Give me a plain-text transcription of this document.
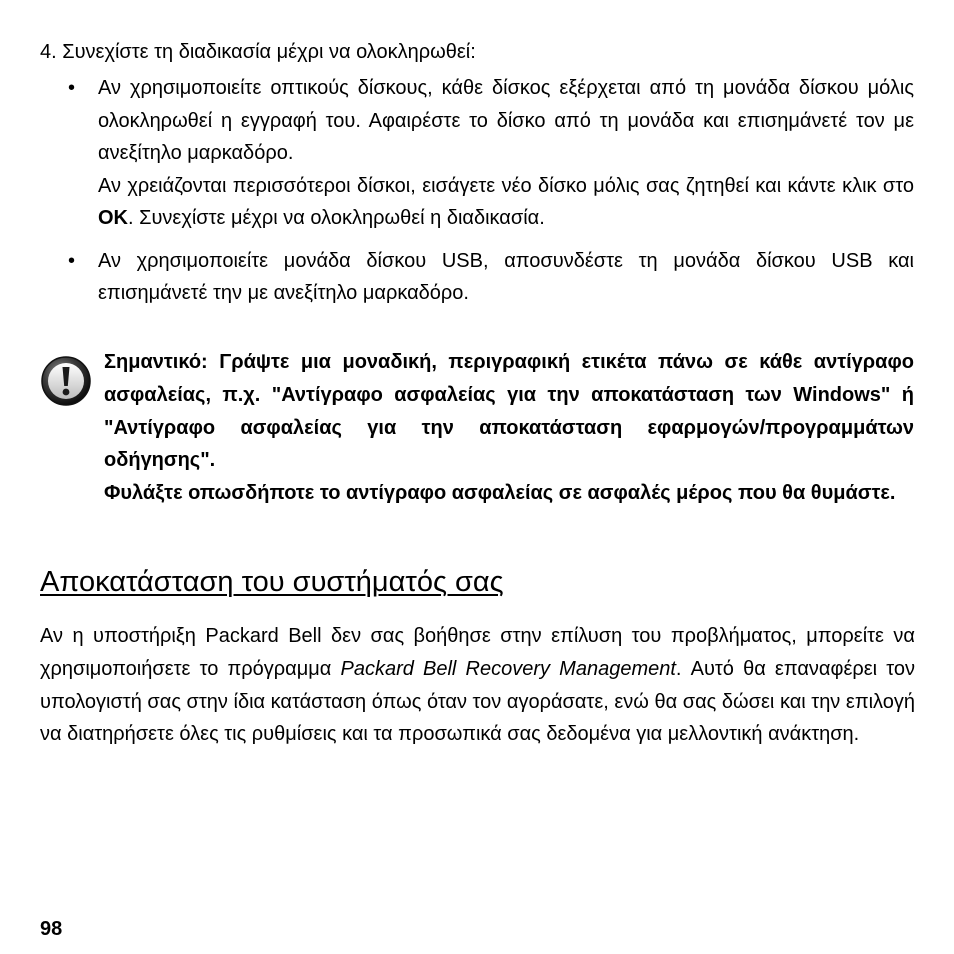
4. Συνεχίστε τη διαδικασία μέχρι να ολοκληρωθεί:
• Αν χρησιμοποιείτε οπτικούς δίσκους, κάθε δίσκος εξέρχεται από τη μονάδα δίσκου μόλις ολοκληρωθεί η εγγραφή του. Αφαιρέστε το δίσκο από τη μονάδα και επισημάνετέ τον με ανεξίτηλο μαρκαδόρο.

Αν χρειάζονται περισσότεροι δίσκοι, εισάγετε νέο δίσκο μόλις σας ζητηθεί και κάντε κλικ στο OK. Συνεχίστε μέχρι να ολοκληρωθεί η διαδικασία.

• Αν χρησιμοποιείτε μονάδα δίσκου USB, αποσυνδέστε τη μονάδα δίσκου USB και επισημάνετέ την με ανεξίτηλο μαρκαδόρο.

Σημαντικό: Γράψτε μια μοναδική, περιγραφική ετικέτα πάνω σε κάθε αντίγραφο ασφαλείας, π.χ. "Αντίγραφο ασφαλείας για την αποκατάσταση των Windows" ή "Αντίγραφο ασφαλείας για την αποκατάσταση εφαρμογών/προγραμμάτων οδήγησης".

Φυλάξτε οπωσδήποτε το αντίγραφο ασφαλείας σε ασφαλές μέρος που θα θυμάστε.

Αποκατάσταση του συστήματός σας

Αν η υποστήριξη Packard Bell δεν σας βοήθησε στην επίλυση του προβλήματος, μπορείτε να χρησιμοποιήσετε το πρόγραμμα Packard Bell Recovery Management. Αυτό θα επαναφέρει τον υπολογιστή σας στην ίδια κατάσταση όπως όταν τον αγοράσατε, ενώ θα σας δώσει και την επιλογή να διατηρήσετε όλες τις ρυθμίσεις και τα προσωπικά σας δεδομένα για μελλοντική ανάκτηση.

98
